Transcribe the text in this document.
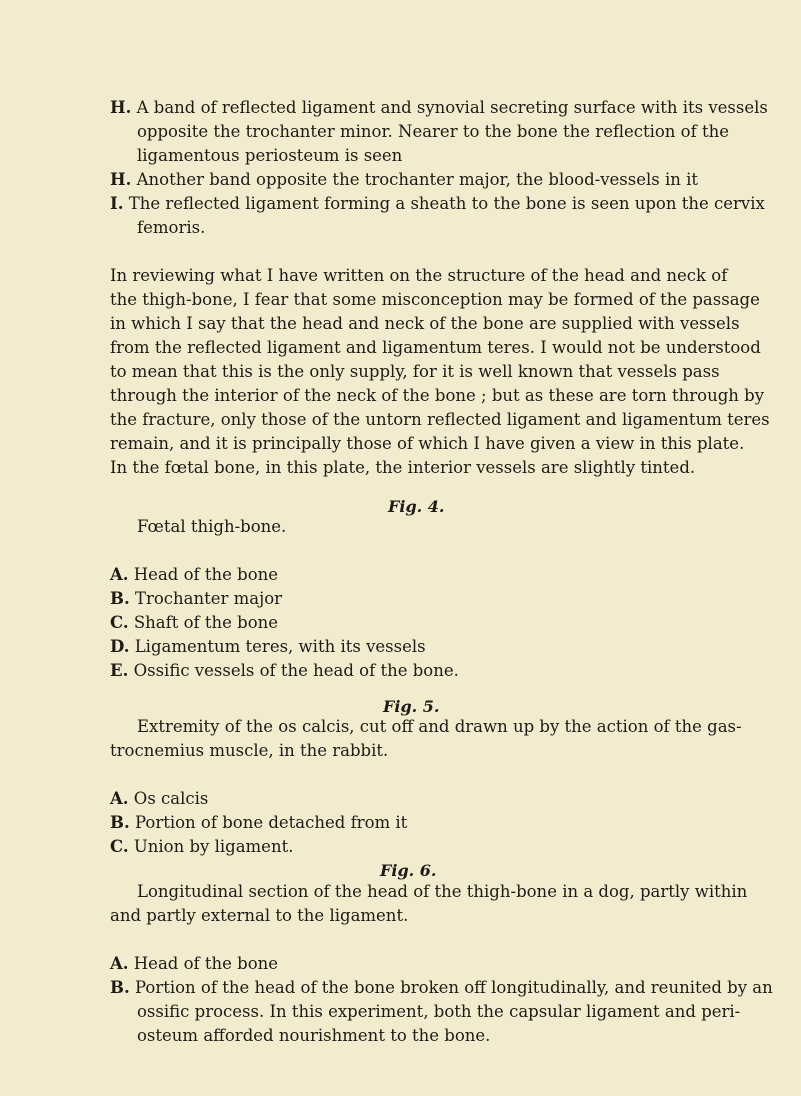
H. A band of reflected ligament and synovial secreting surface with its vessels
opposite the trochanter minor. Nearer to the bone the reflection of the
ligamentous periosteum is seen
H. Another band opposite the trochanter major, the blood-vessels in it
I. The reflected ligament forming a sheath to the bone is seen upon the cervix
femoris.
In reviewing what I have written on the structure of the head and neck of
the thigh-bone, I fear that some misconception may be formed of the passage
in which I say that the head and neck of the bone are supplied with vessels
from the reflected ligament and ligamentum teres. I would not be understood
to mean that this is the only supply, for it is well known that vessels pass
through the interior of the neck of the bone ; but as these are torn through by
the fracture, only those of the untorn reflected ligament and ligamentum teres
remain, and it is principally those of which I have given a view in this plate.
In the fœtal bone, in this plate, the interior vessels are slightly tinted.
Fig. 4.
Fœtal thigh-bone.
A. Head of the bone
B. Trochanter major
C. Shaft of the bone
D. Ligamentum teres, with its vessels
E. Ossific vessels of the head of the bone.
Fig. 5.
Extremity of the os calcis, cut off and drawn up by the action of the gas-
trocnemius muscle, in the rabbit.
A. Os calcis
B. Portion of bone detached from it
C. Union by ligament.
Fig. 6.
Longitudinal section of the head of the thigh-bone in a dog, partly within
and partly external to the ligament.
A. Head of the bone
B. Portion of the head of the bone broken off longitudinally, and reunited by an
ossific process. In this experiment, both the capsular ligament and peri-
osteum afforded nourishment to the bone.
